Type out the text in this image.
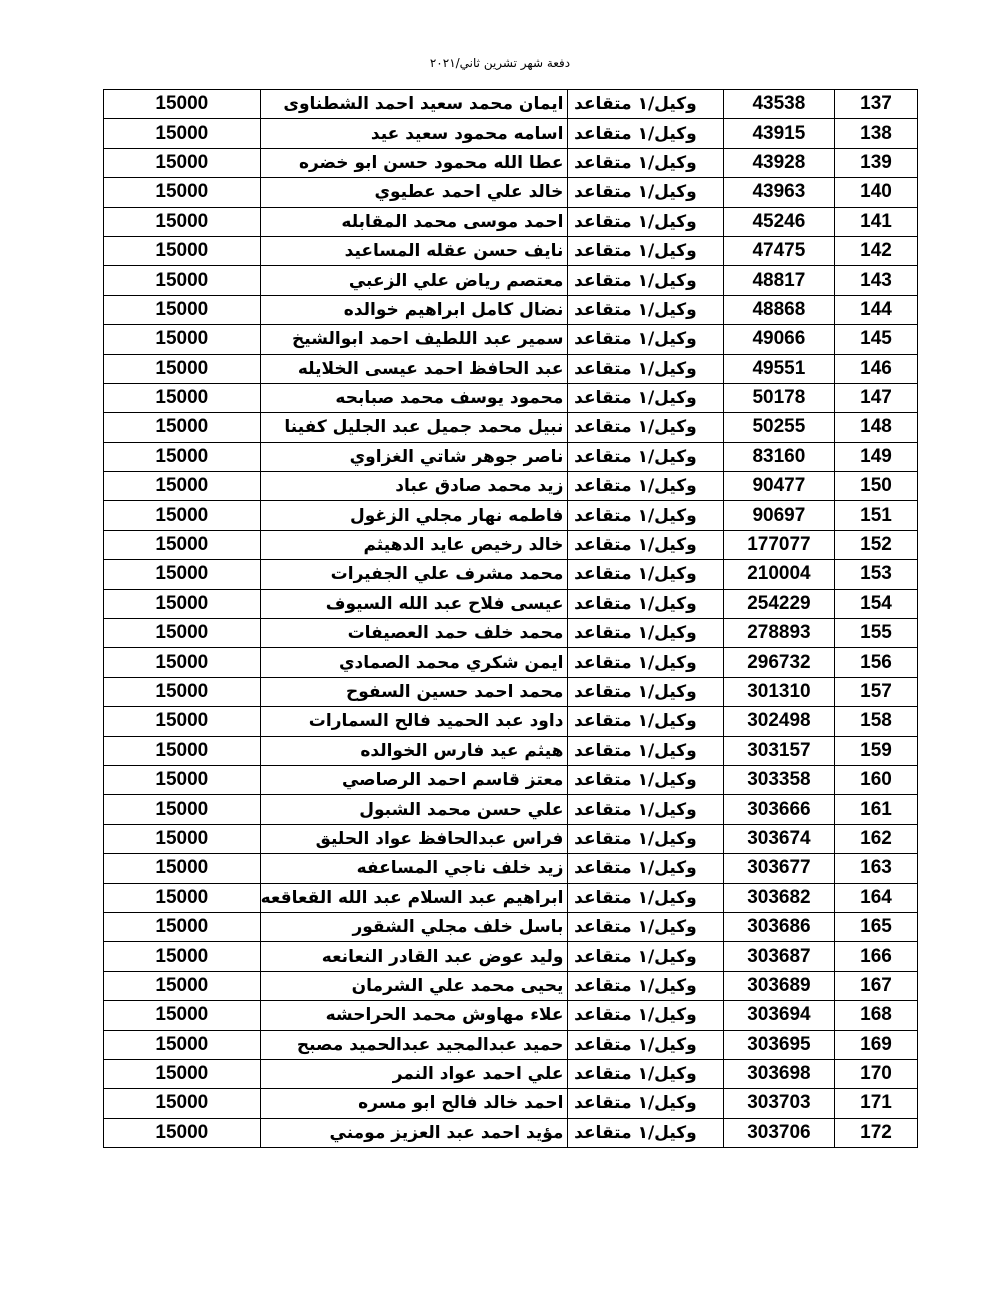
دفعة شهر تشرين ثاني/٢٠٢١
137	43538	وكيل/١ متقاعد	ايمان محمد سعيد احمد الشطناوى	15000
138	43915	وكيل/١ متقاعد	اسامه محمود سعيد عيد	15000
139	43928	وكيل/١ متقاعد	عطا الله محمود حسن ابو خضره	15000
140	43963	وكيل/١ متقاعد	خالد علي احمد عطيوي	15000
141	45246	وكيل/١ متقاعد	احمد موسى محمد المقابله	15000
142	47475	وكيل/١ متقاعد	نايف حسن عقله المساعيد	15000
143	48817	وكيل/١ متقاعد	معتصم رياض علي الزعبي	15000
144	48868	وكيل/١ متقاعد	نضال كامل ابراهيم خوالده	15000
145	49066	وكيل/١ متقاعد	سمير عبد اللطيف احمد ابوالشيخ	15000
146	49551	وكيل/١ متقاعد	عبد الحافظ احمد عيسى الخلايله	15000
147	50178	وكيل/١ متقاعد	محمود يوسف محمد صبابحه	15000
148	50255	وكيل/١ متقاعد	نبيل محمد جميل عبد الجليل كفينا	15000
149	83160	وكيل/١ متقاعد	ناصر جوهر شاتي الغزاوي	15000
150	90477	وكيل/١ متقاعد	زيد محمد صادق عباد	15000
151	90697	وكيل/١ متقاعد	فاطمه نهار مجلي الزغول	15000
152	177077	وكيل/١ متقاعد	خالد رخيص عايد الدهيثم	15000
153	210004	وكيل/١ متقاعد	محمد مشرف علي الجفيرات	15000
154	254229	وكيل/١ متقاعد	عيسى فلاح عبد الله السيوف	15000
155	278893	وكيل/١ متقاعد	محمد خلف حمد العصيفات	15000
156	296732	وكيل/١ متقاعد	ايمن شكري محمد الصمادي	15000
157	301310	وكيل/١ متقاعد	محمد احمد حسين السفوح	15000
158	302498	وكيل/١ متقاعد	داود عبد الحميد فالح السمارات	15000
159	303157	وكيل/١ متقاعد	هيثم عيد فارس الخوالده	15000
160	303358	وكيل/١ متقاعد	معتز قاسم احمد الرصاصي	15000
161	303666	وكيل/١ متقاعد	علي حسن محمد الشبول	15000
162	303674	وكيل/١ متقاعد	فراس عبدالحافظ عواد الحليق	15000
163	303677	وكيل/١ متقاعد	زيد خلف ناجي المساعفه	15000
164	303682	وكيل/١ متقاعد	ابراهيم عبد السلام عبد الله القعاقعه	15000
165	303686	وكيل/١ متقاعد	باسل خلف مجلي الشقور	15000
166	303687	وكيل/١ متقاعد	وليد عوض عبد القادر النعانعه	15000
167	303689	وكيل/١ متقاعد	يحيى محمد علي الشرمان	15000
168	303694	وكيل/١ متقاعد	علاء مهاوش محمد الحراحشه	15000
169	303695	وكيل/١ متقاعد	حميد عبدالمجيد عبدالحميد مصبح	15000
170	303698	وكيل/١ متقاعد	علي احمد عواد النمر	15000
171	303703	وكيل/١ متقاعد	احمد خالد فالح ابو مسره	15000
172	303706	وكيل/١ متقاعد	مؤيد احمد عبد العزيز مومني	15000
